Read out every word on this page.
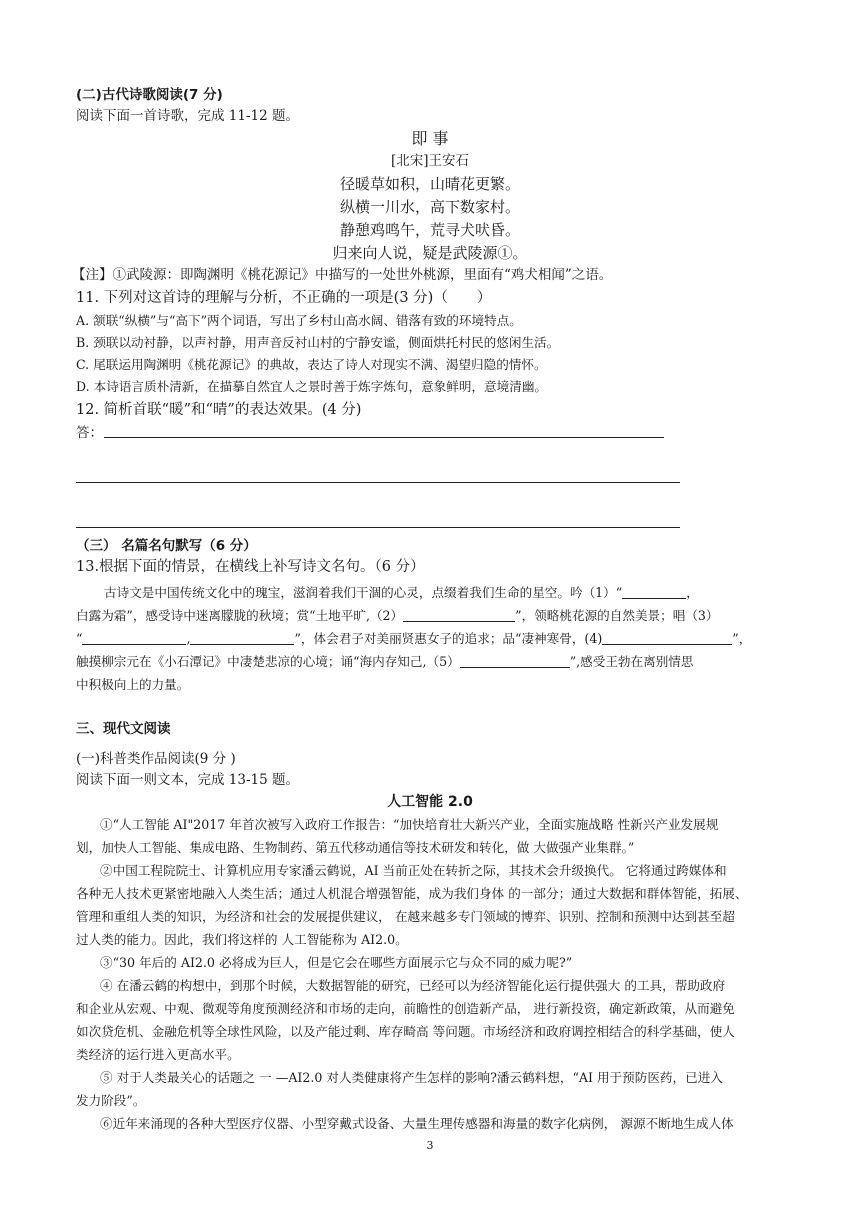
(二)古代诗歌阅读(7 分)
阅读下面一首诗歌，完成 11-12 题。
即 事
[北宋]王安石
径暖草如积，山晴花更繁。
纵横一川水，高下数家村。
静憩鸡鸣午，荒寻犬吠昏。
归来向人说，疑是武陵源①。
【注】①武陵源：即陶渊明《桃花源记》中描写的一处世外桃源，里面有“鸡犬相闻”之语。
11. 下列对这首诗的理解与分析，不正确的一项是(3 分)（　　）
A. 颔联“纵横”与“高下”两个词语，写出了乡村山高水阔、错落有致的环境特点。
B. 颈联以动衬静，以声衬静，用声音反衬山村的宁静安谧，侧面烘托村民的悠闲生活。
C. 尾联运用陶渊明《桃花源记》的典故，表达了诗人对现实不满、渴望归隐的情怀。
D. 本诗语言质朴清新，在描摹自然宜人之景时善于炼字炼句，意象鲜明，意境清幽。
12. 简析首联“暖”和“晴”的表达效果。(4 分)
答：
（三） 名篇名句默写（6 分）
13.根据下面的情景，在横线上补写诗文名句。（6 分）
古诗文是中国传统文化中的瑰宝，滋润着我们干涸的心灵，点缀着我们生命的星空。吟（1）“	，
白露为霜”，感受诗中迷离朦胧的秋境；赏“土地平旷,（2）	”，领略桃花源的自然美景；唱（3）
“	,	”，体会君子对美丽贤惠女子的追求；品“凄神寒骨，(4)	”，
触摸柳宗元在《小石潭记》中凄楚悲凉的心境；诵“海内存知己,（5）	”,感受王勃在离别情思
中积极向上的力量。
三、现代文阅读
(一)科普类作品阅读(9 分 )
阅读下面一则文本，完成 13-15 题。
人工智能 2.0
①“人工智能 AI"2017 年首次被写入政府工作报告：“加快培育壮大新兴产业，全面实施战略 性新兴产业发展规
划，加快人工智能、集成电路、生物制药、第五代移动通信等技术研发和转化，做 大做强产业集群。”
②中国工程院院士、计算机应用专家潘云鹤说，AI 当前正处在转折之际，其技术会升级换代。 它将通过跨媒体和
各种无人技术更紧密地融入人类生活；通过人机混合增强智能，成为我们身体 的一部分；通过大数据和群体智能，拓展、
管理和重组人类的知识，为经济和社会的发展提供建议， 在越来越多专门领域的博弈、识别、控制和预测中达到甚至超
过人类的能力。因此，我们将这样的 人工智能称为 AI2.0。
③“30 年后的 AI2.0 必将成为巨人，但是它会在哪些方面展示它与众不同的威力呢?”
④ 在潘云鹤的构想中，到那个时候，大数据智能的研究，已经可以为经济智能化运行提供强大 的工具，帮助政府
和企业从宏观、中观、微观等角度预测经济和市场的走向，前瞻性的创造新产品， 进行新投资，确定新政策，从而避免
如次贷危机、金融危机等全球性风险，以及产能过剩、库存畸高 等问题。市场经济和政府调控相结合的科学基础，使人
类经济的运行进入更高水平。
⑤ 对于人类最关心的话题之 一 —AI2.0 对人类健康将产生怎样的影响?潘云鹤料想，“AI 用于预防医药，已进入
发力阶段”。
⑥近年来涌现的各种大型医疗仪器、小型穿戴式设备、大量生理传感器和海量的数字化病例， 源源不断地生成人体
3
